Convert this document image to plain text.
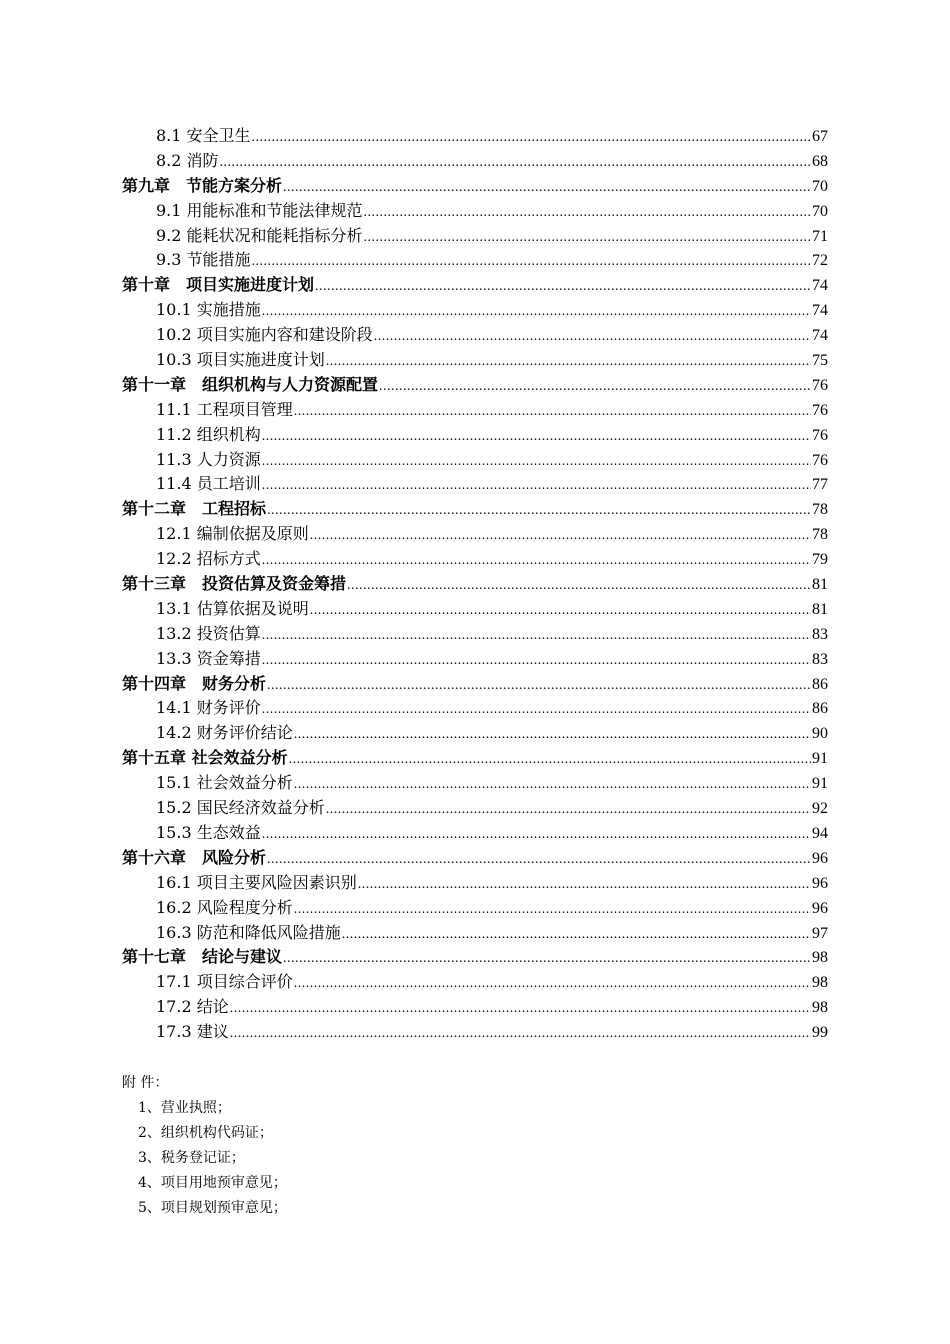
8.1 安全卫生 .....	67
8.2 消防 .....	68
第九章　节能方案分析 .....	70
9.1 用能标准和节能法律规范 .....	70
9.2 能耗状况和能耗指标分析 .....	71
9.3 节能措施 .....	72
第十章　项目实施进度计划 .....	74
10.1 实施措施 .....	74
10.2 项目实施内容和建设阶段 .....	74
10.3 项目实施进度计划 .....	75
第十一章　组织机构与人力资源配置 .....	76
11.1 工程项目管理 .....	76
11.2 组织机构 .....	76
11.3 人力资源 .....	76
11.4 员工培训 .....	77
第十二章　工程招标 .....	78
12.1 编制依据及原则 .....	78
12.2 招标方式 .....	79
第十三章　投资估算及资金筹措 .....	81
13.1 估算依据及说明 .....	81
13.2 投资估算 .....	83
13.3 资金筹措 .....	83
第十四章　财务分析 .....	86
14.1 财务评价 .....	86
14.2 财务评价结论 .....	90
第十五章 社会效益分析 .....	91
15.1 社会效益分析 .....	91
15.2 国民经济效益分析 .....	92
15.3 生态效益 .....	94
第十六章　风险分析 .....	96
16.1 项目主要风险因素识别 .....	96
16.2 风险程度分析 .....	96
16.3 防范和降低风险措施 .....	97
第十七章　结论与建议 .....	98
17.1 项目综合评价 .....	98
17.2 结论 .....	98
17.3 建议 .....	99
附 件：
1、营业执照；
2、组织机构代码证；
3、税务登记证；
4、项目用地预审意见；
5、项目规划预审意见；
